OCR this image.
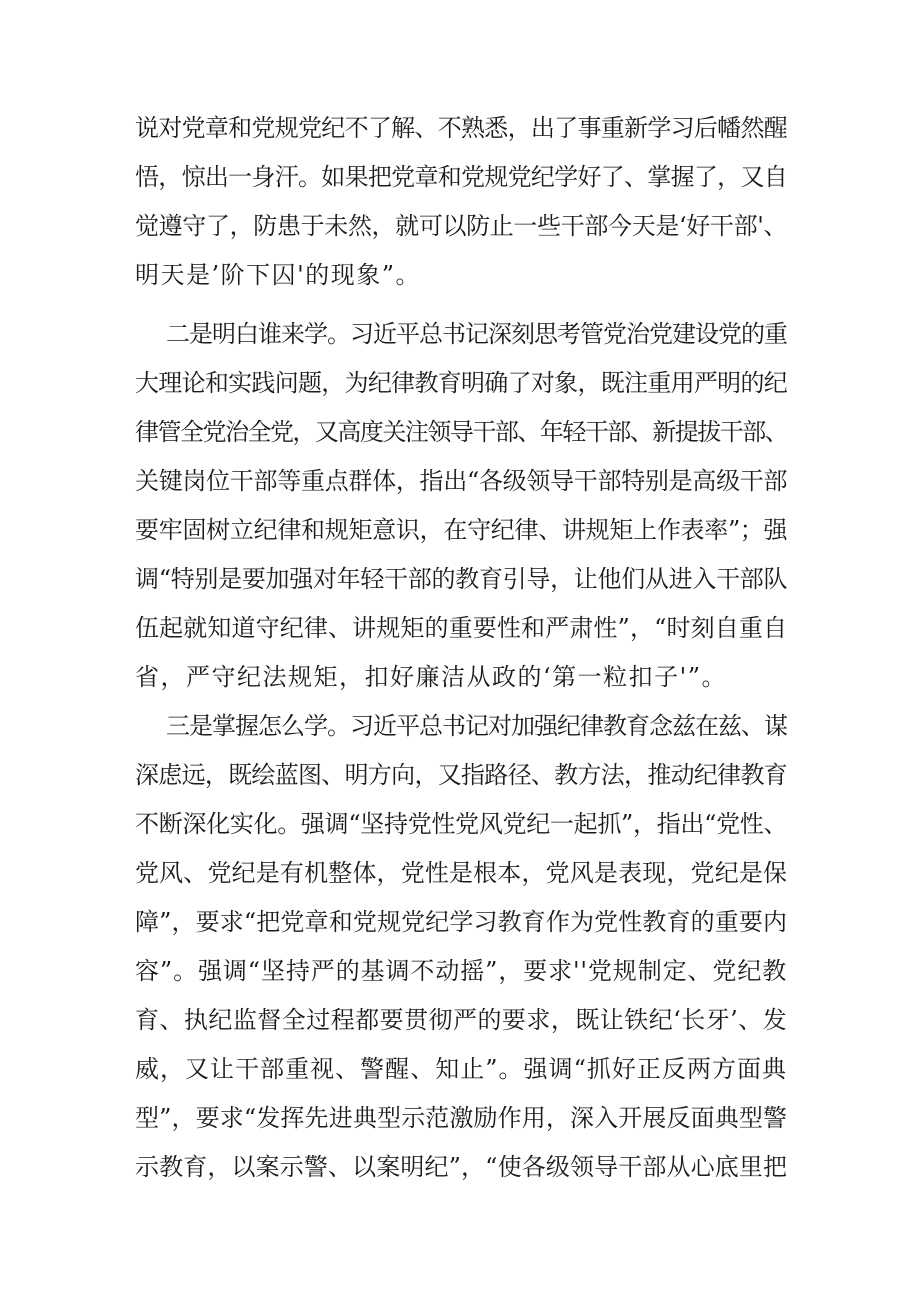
说对党章和党规党纪不了解、不熟悉，出了事重新学习后幡然醒
悟，惊出一身汗。如果把党章和党规党纪学好了、掌握了，又自
觉遵守了，防患于未然，就可以防止一些干部今天是‘好干部'、
明天是’阶下囚'的现象”。
二是明白谁来学。习近平总书记深刻思考管党治党建设党的重
大理论和实践问题，为纪律教育明确了对象，既注重用严明的纪
律管全党治全党，又高度关注领导干部、年轻干部、新提拔干部、
关键岗位干部等重点群体，指出“各级领导干部特别是高级干部
要牢固树立纪律和规矩意识，在守纪律、讲规矩上作表率”；强
调“特别是要加强对年轻干部的教育引导，让他们从进入干部队
伍起就知道守纪律、讲规矩的重要性和严肃性”，“时刻自重自
省，严守纪法规矩，扣好廉洁从政的‘第一粒扣子'”。
三是掌握怎么学。习近平总书记对加强纪律教育念兹在兹、谋
深虑远，既绘蓝图、明方向，又指路径、教方法，推动纪律教育
不断深化实化。强调“坚持党性党风党纪一起抓”，指出“党性、
党风、党纪是有机整体，党性是根本，党风是表现，党纪是保
障”，要求“把党章和党规党纪学习教育作为党性教育的重要内
容”。强调“坚持严的基调不动摇”，要求''党规制定、党纪教
育、执纪监督全过程都要贯彻严的要求，既让铁纪‘长牙’、发
威，又让干部重视、警醒、知止”。强调“抓好正反两方面典
型”，要求“发挥先进典型示范激励作用，深入开展反面典型警
示教育，以案示警、以案明纪”，“使各级领导干部从心底里把
